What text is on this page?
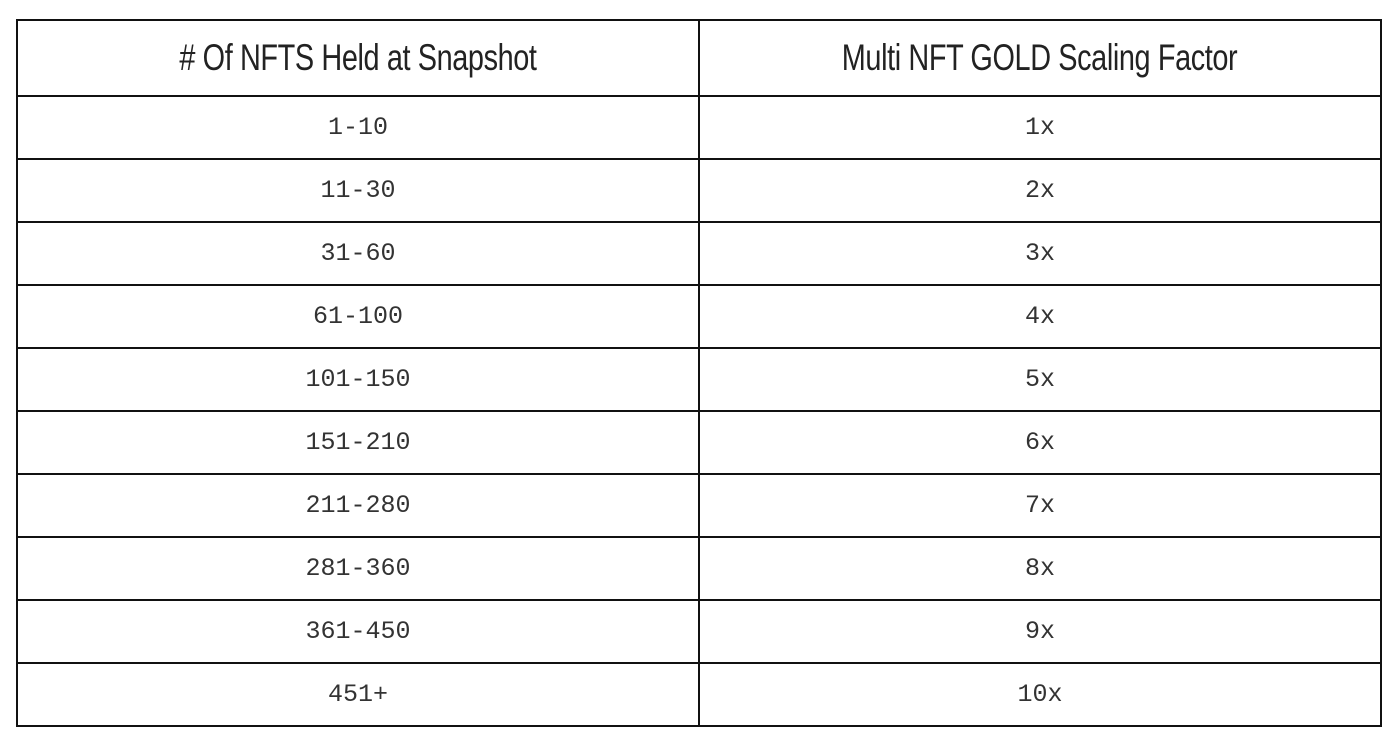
# Of NFTS Held at Snapshot	Multi NFT GOLD Scaling Factor
1-10	1x
11-30	2x
31-60	3x
61-100	4x
101-150	5x
151-210	6x
211-280	7x
281-360	8x
361-450	9x
451+	10x
